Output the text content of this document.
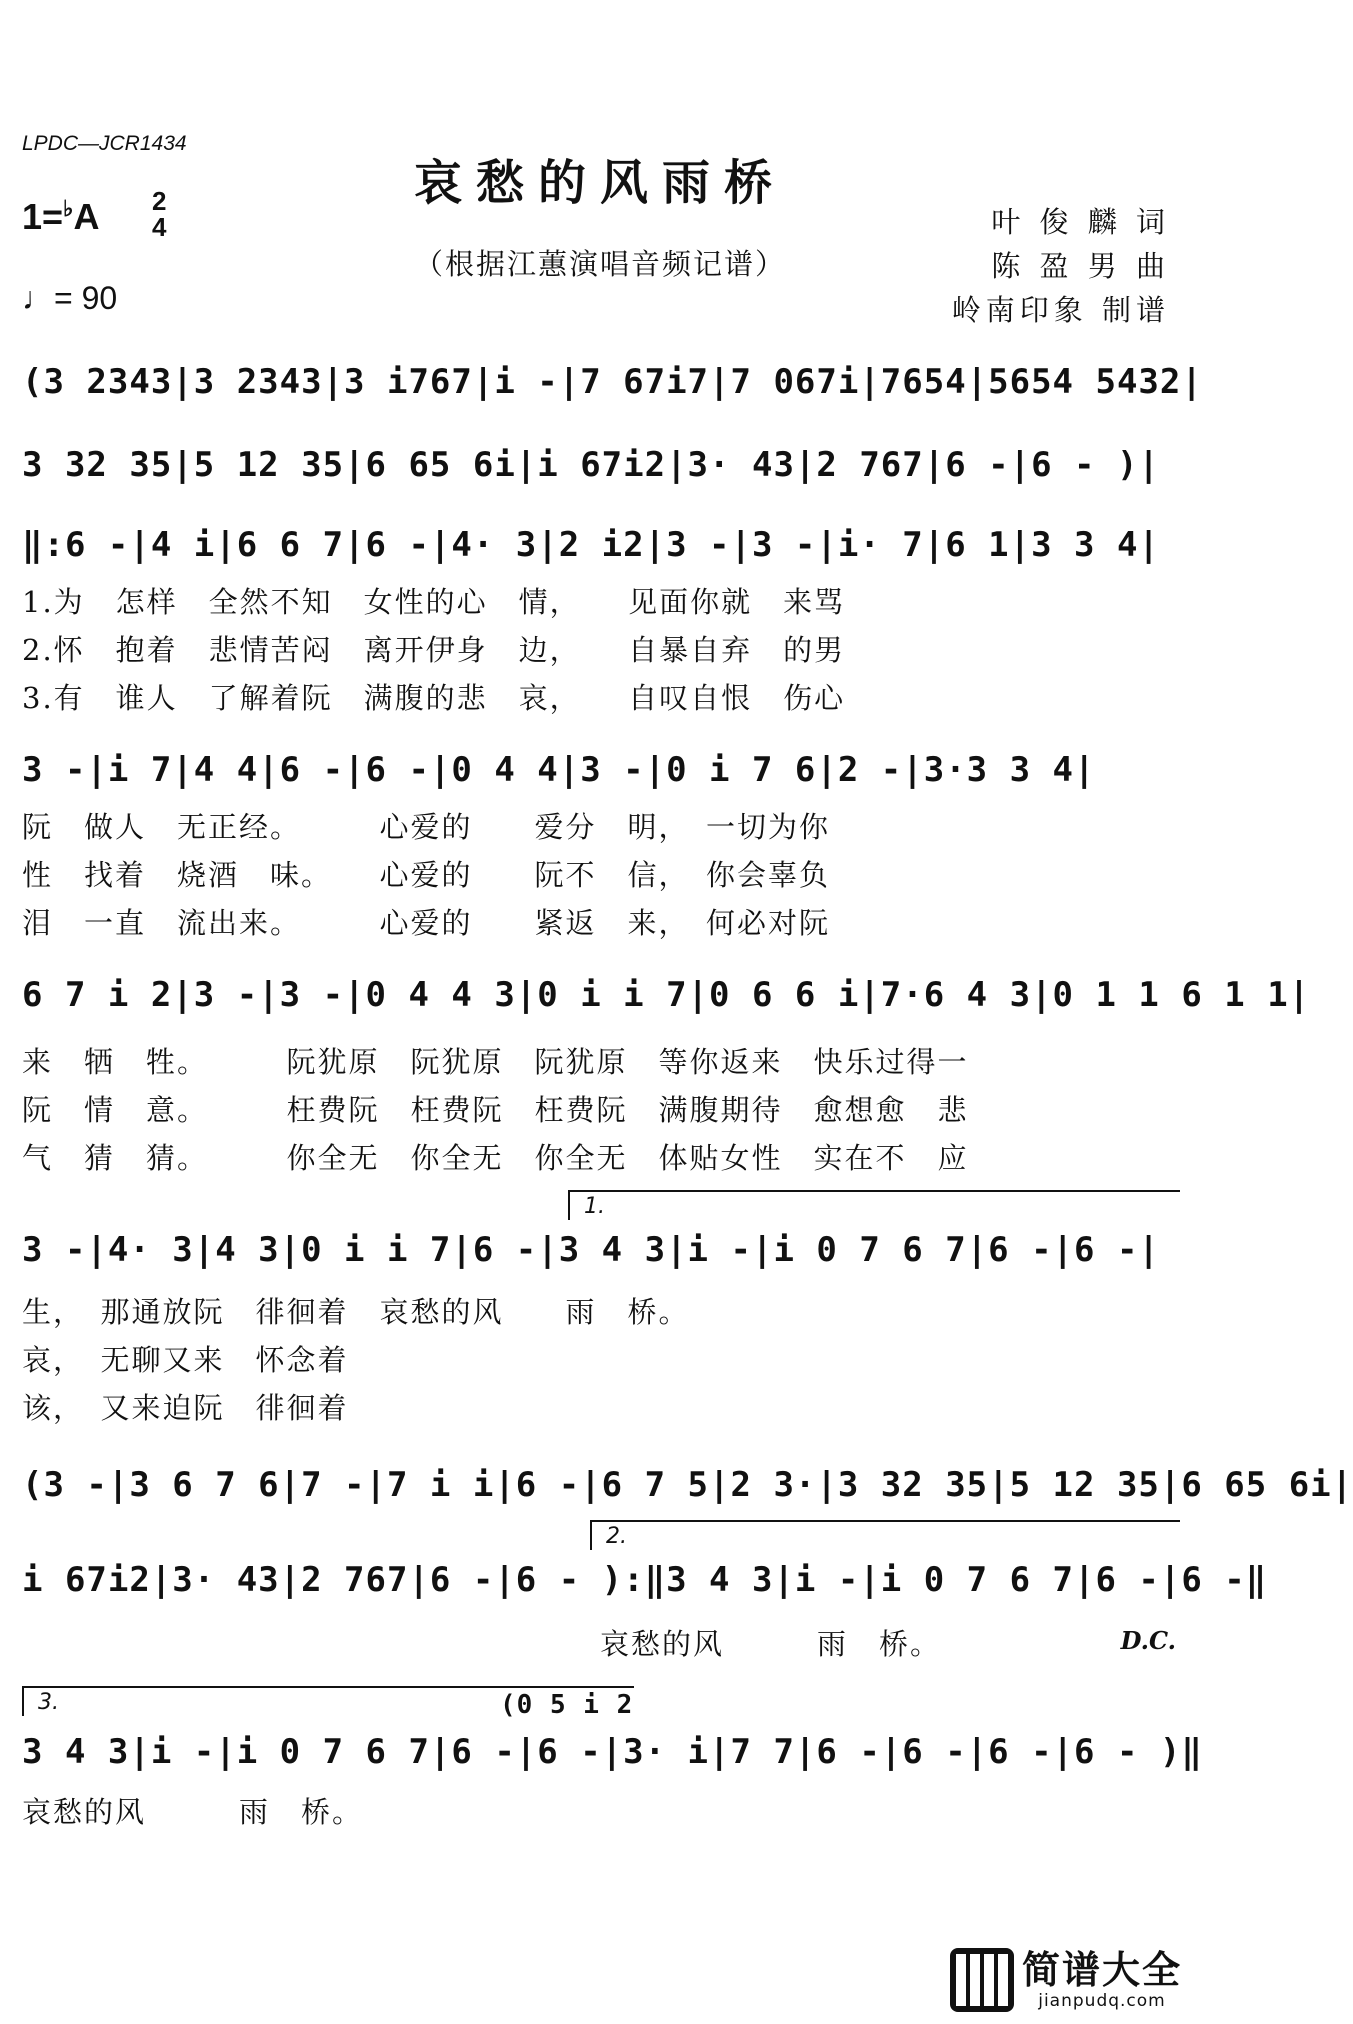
LPDC—JCR1434
哀愁的风雨桥
（根据江蕙演唱音频记谱）
1=♭A 2
4
♩= 90
叶 俊 麟 词
陈 盈 男 曲
岭南印象 制谱
(3 2343|3 2343|3 i767|i -|7 67i7|7 067i|7654|5654 5432|
3 32 35|5 12 35|6 65 6i|i 67i2|3· 43|2 767|6 -|6 - )|
‖:6 -|4 i|6 6 7|6 -|4· 3|2 i2|3 -|3 -|i· 7|6 1|3 3 4|
1.为　怎样　全然不知　女性的心　情，　　见面你就　来骂
2.怀　抱着　悲情苦闷　离开伊身　边，　　自暴自弃　的男
3.有　谁人　了解着阮　满腹的悲　哀，　　自叹自恨　伤心
3 -|i 7|4 4|6 -|6 -|0 4 4|3 -|0 i 7 6|2 -|3·3 3 4|
阮　做人　无正经。　　　心爱的　　爱分　明，　一切为你
性　找着　烧酒　味。　　心爱的　　阮不　信，　你会辜负
泪　一直　流出来。　　　心爱的　　紧返　来，　何必对阮
6 7 i 2|3 -|3 -|0 4 4 3|0 i i 7|0 6 6 i|7·6 4 3|0 1 1 6 1 1|
来　牺　牲。　　　阮犹原　阮犹原　阮犹原　等你返来　快乐过得一
阮　情　意。　　　枉费阮　枉费阮　枉费阮　满腹期待　愈想愈　悲
气　猜　猜。　　　你全无　你全无　你全无　体贴女性　实在不　应
1.
3 -|4· 3|4 3|0 i i 7|6 -|3 4 3|i -|i 0 7 6 7|6 -|6 -|
生，　那通放阮　徘徊着　哀愁的风　　雨　桥。
哀，　无聊又来　怀念着
该，　又来迫阮　徘徊着
(3 -|3 6 7 6|7 -|7 i i|6 -|6 7 5|2 3·|3 32 35|5 12 35|6 65 6i|
2.
i 67i2|3· 43|2 767|6 -|6 - ):‖3 4 3|i -|i 0 7 6 7|6 -|6 -‖
哀愁的风　　　雨　桥。	D.C.
3.	(0 5 i 2
3 4 3|i -|i 0 7 6 7|6 -|6 -|3· i|7 7|6 -|6 -|6 -|6 - )‖
哀愁的风　　　雨　桥。
简谱大全
jianpudq.com
